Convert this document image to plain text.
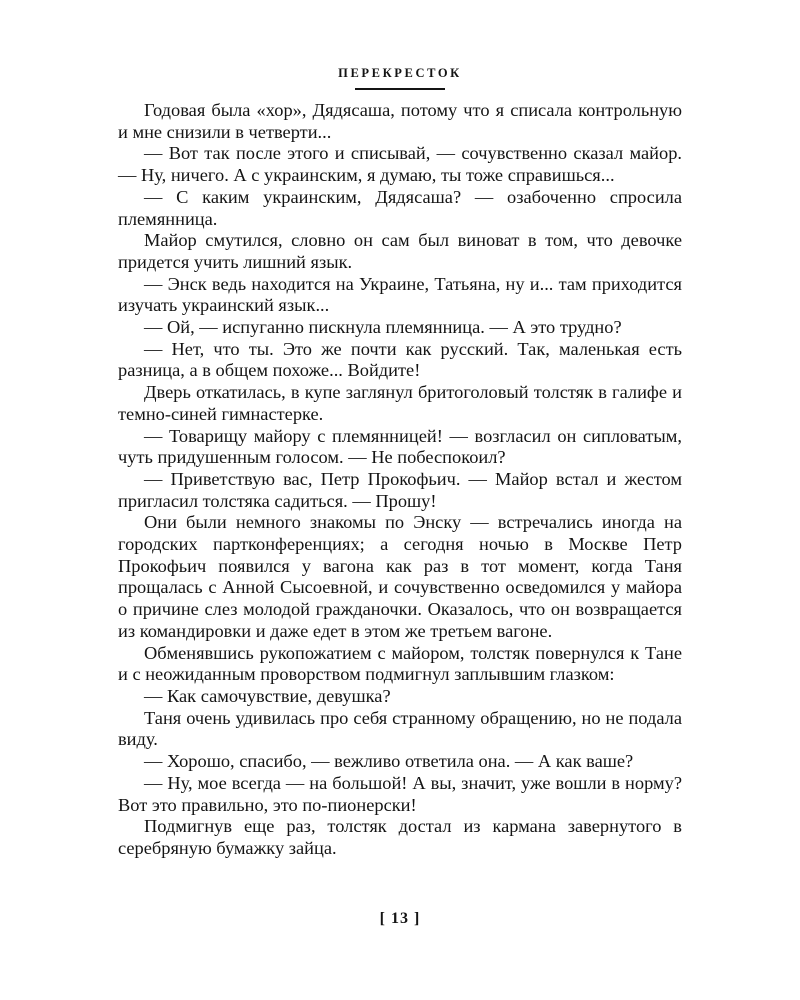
ПЕРЕКРЕСТОК

Годовая была «хор», Дядясаша, потому что я списала контрольную и мне снизили в четверти...

— Вот так после этого и списывай, — сочувственно сказал майор. — Ну, ничего. А с украинским, я думаю, ты тоже справишься...

— С каким украинским, Дядясаша? — озабоченно спросила племянница.

Майор смутился, словно он сам был виноват в том, что девочке придется учить лишний язык.

— Энск ведь находится на Украине, Татьяна, ну и... там приходится изучать украинский язык...

— Ой, — испуганно пискнула племянница. — А это трудно?

— Нет, что ты. Это же почти как русский. Так, маленькая есть разница, а в общем похоже... Войдите!

Дверь откатилась, в купе заглянул бритоголовый толстяк в галифе и темно-синей гимнастерке.

— Товарищу майору с племянницей! — возгласил он сипловатым, чуть придушенным голосом. — Не побеспокоил?

— Приветствую вас, Петр Прокофьич. — Майор встал и жестом пригласил толстяка садиться. — Прошу!

Они были немного знакомы по Энску — встречались иногда на городских партконференциях; а сегодня ночью в Москве Петр Прокофьич появился у вагона как раз в тот момент, когда Таня прощалась с Анной Сысоевной, и сочувственно осведомился у майора о причине слез молодой гражданочки. Оказалось, что он возвращается из командировки и даже едет в этом же третьем вагоне.

Обменявшись рукопожатием с майором, толстяк повернулся к Тане и с неожиданным проворством подмигнул заплывшим глазком:

— Как самочувствие, девушка?

Таня очень удивилась про себя странному обращению, но не подала виду.

— Хорошо, спасибо, — вежливо ответила она. — А как ваше?

— Ну, мое всегда — на большой! А вы, значит, уже вошли в норму? Вот это правильно, это по-пионерски!

Подмигнув еще раз, толстяк достал из кармана завернутого в серебряную бумажку зайца.

[ 13 ]
